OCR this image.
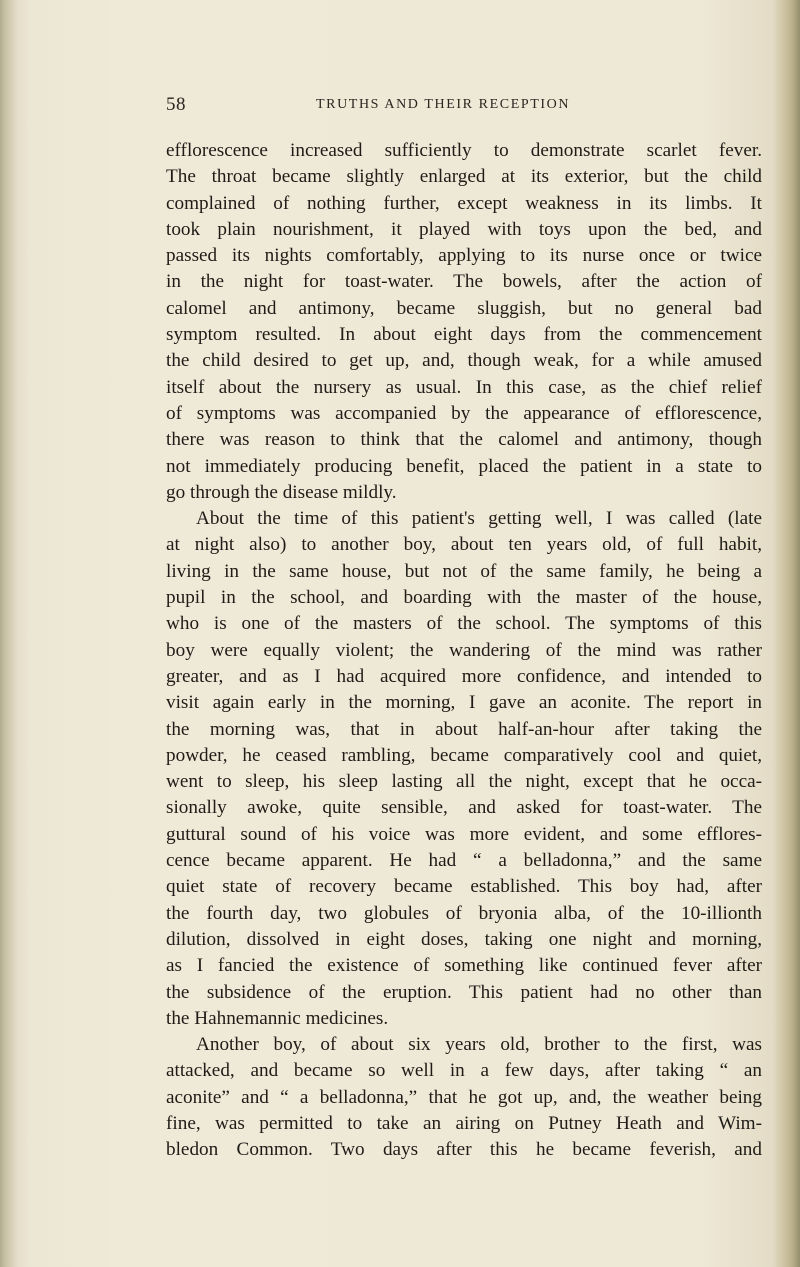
58	TRUTHS AND THEIR RECEPTION
efflorescence increased sufficiently to demonstrate scarlet fever.
The throat became slightly enlarged at its exterior, but the child
complained of nothing further, except weakness in its limbs. It
took plain nourishment, it played with toys upon the bed, and
passed its nights comfortably, applying to its nurse once or twice
in the night for toast-water. The bowels, after the action of
calomel and antimony, became sluggish, but no general bad
symptom resulted. In about eight days from the commencement
the child desired to get up, and, though weak, for a while amused
itself about the nursery as usual. In this case, as the chief relief
of symptoms was accompanied by the appearance of efflorescence,
there was reason to think that the calomel and antimony, though
not immediately producing benefit, placed the patient in a state to
go through the disease mildly.
About the time of this patient's getting well, I was called (late
at night also) to another boy, about ten years old, of full habit,
living in the same house, but not of the same family, he being a
pupil in the school, and boarding with the master of the house,
who is one of the masters of the school. The symptoms of this
boy were equally violent; the wandering of the mind was rather
greater, and as I had acquired more confidence, and intended to
visit again early in the morning, I gave an aconite. The report in
the morning was, that in about half-an-hour after taking the
powder, he ceased rambling, became comparatively cool and quiet,
went to sleep, his sleep lasting all the night, except that he occa-
sionally awoke, quite sensible, and asked for toast-water. The
guttural sound of his voice was more evident, and some efflores-
cence became apparent. He had “ a belladonna,” and the same
quiet state of recovery became established. This boy had, after
the fourth day, two globules of bryonia alba, of the 10-illionth
dilution, dissolved in eight doses, taking one night and morning,
as I fancied the existence of something like continued fever after
the subsidence of the eruption. This patient had no other than
the Hahnemannic medicines.
Another boy, of about six years old, brother to the first, was
attacked, and became so well in a few days, after taking “ an
aconite” and “ a belladonna,” that he got up, and, the weather being
fine, was permitted to take an airing on Putney Heath and Wim-
bledon Common. Two days after this he became feverish, and
